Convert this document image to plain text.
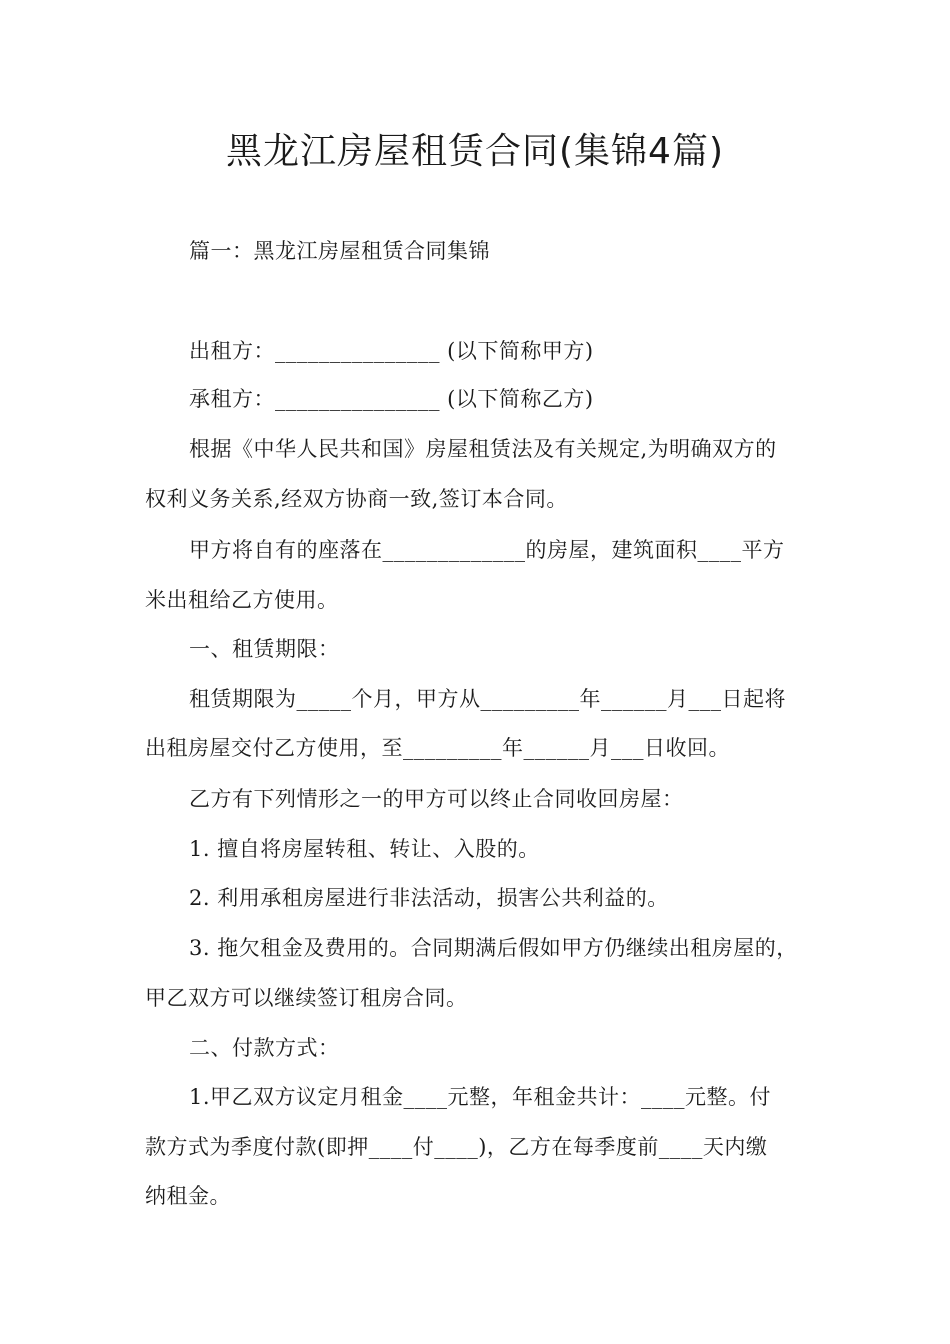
黑龙江房屋租赁合同(集锦4篇)
篇一：黑龙江房屋租赁合同集锦
出租方：_______________ (以下简称甲方)
承租方：_______________ (以下简称乙方)
根据《中华人民共和国》房屋租赁法及有关规定,为明确双方的
权利义务关系,经双方协商一致,签订本合同。
甲方将自有的座落在_____________的房屋，建筑面积____平方
米出租给乙方使用。
一、租赁期限：
租赁期限为_____个月，甲方从_________年______月___日起将
出租房屋交付乙方使用，至_________年______月___日收回。
乙方有下列情形之一的甲方可以终止合同收回房屋：
1. 擅自将房屋转租、转让、入股的。
2. 利用承租房屋进行非法活动，损害公共利益的。
3. 拖欠租金及费用的。合同期满后假如甲方仍继续出租房屋的，
甲乙双方可以继续签订租房合同。
二、付款方式：
1.甲乙双方议定月租金____元整，年租金共计：____元整。付
款方式为季度付款(即押____付____)，乙方在每季度前____天内缴
纳租金。
